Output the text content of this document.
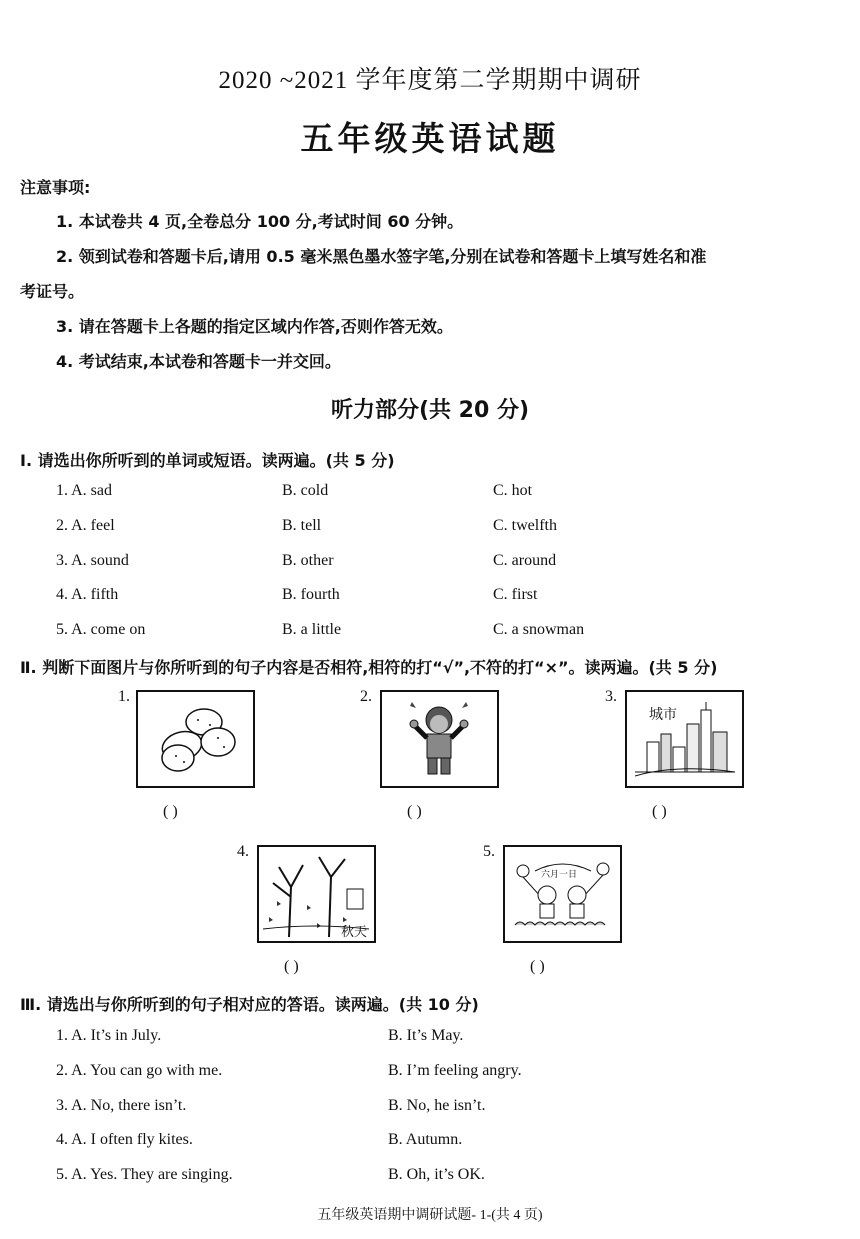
2020 ~2021 学年度第二学期期中调研
五年级英语试题
注意事项:
1. 本试卷共 4 页,全卷总分 100 分,考试时间 60 分钟。
2. 领到试卷和答题卡后,请用 0.5 毫米黑色墨水签字笔,分别在试卷和答题卡上填写姓名和准
考证号。
3. 请在答题卡上各题的指定区域内作答,否则作答无效。
4. 考试结束,本试卷和答题卡一并交回。
听力部分(共 20 分)
Ⅰ. 请选出你所听到的单词或短语。读两遍。(共 5 分)
1. A. sad	B. cold	C. hot
2. A. feel	B. tell	C. twelfth
3. A. sound	B. other	C. around
4. A. fifth	B. fourth	C. first
5. A. come on	B. a little	C. a snowman
Ⅱ. 判断下面图片与你所听到的句子内容是否相符,相符的打“√”,不符的打“×”。读两遍。(共 5 分)
1.
( )
2.
( )
3.
城市
( )
4.
秋天
( )
5.
六月一日
( )
Ⅲ. 请选出与你所听到的句子相对应的答语。读两遍。(共 10 分)
1. A. It’s in July.	B. It’s May.
2. A. You can go with me.	B. I’m feeling angry.
3. A. No, there isn’t.	B. No, he isn’t.
4. A. I often fly kites.	B. Autumn.
5. A. Yes. They are singing.	B. Oh, it’s OK.
五年级英语期中调研试题- 1-(共 4 页)
